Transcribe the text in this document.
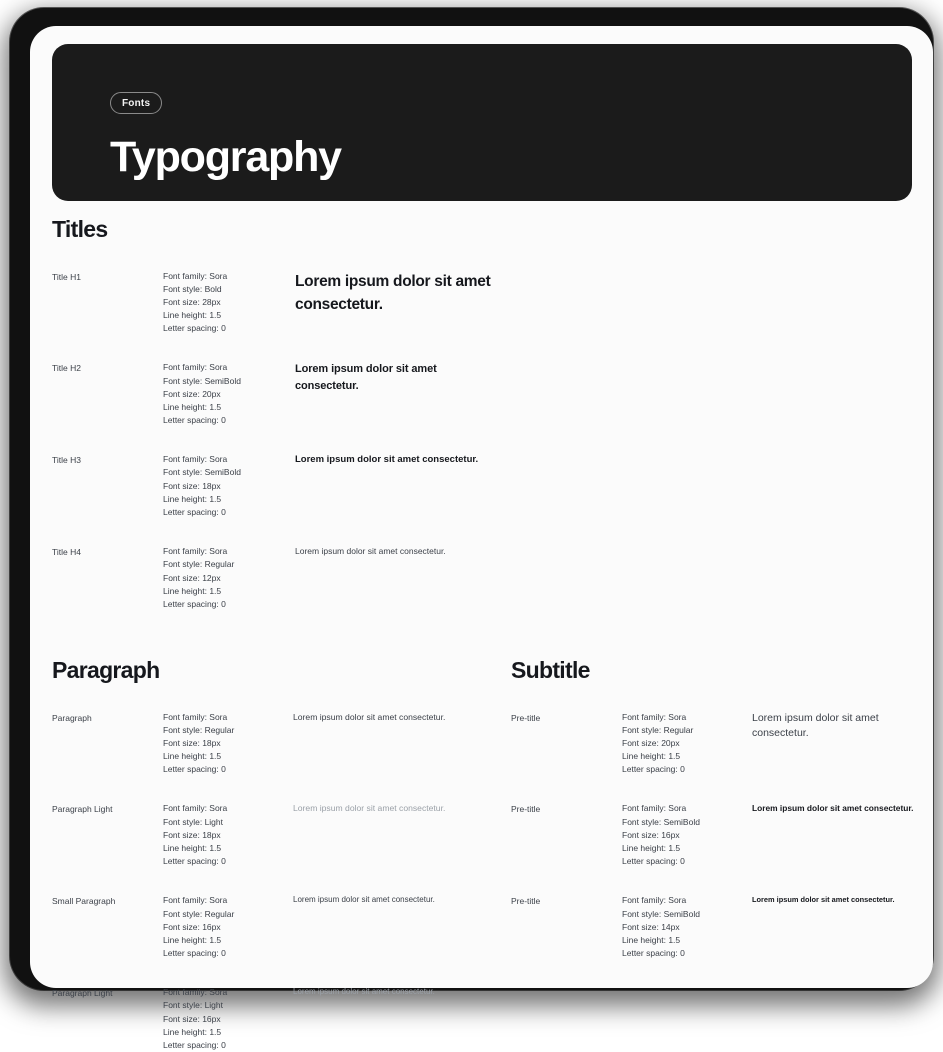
Fonts
Typography
Titles
Title H1	Font family: Sora
Font style: Bold
Font size: 28px
Line height: 1.5
Letter spacing: 0
Lorem ipsum dolor sit amet consectetur.
Title H2	Font family: Sora
Font style: SemiBold
Font size: 20px
Line height: 1.5
Letter spacing: 0
Lorem ipsum dolor sit amet consectetur.
Title H3	Font family: Sora
Font style: SemiBold
Font size: 18px
Line height: 1.5
Letter spacing: 0
Lorem ipsum dolor sit amet consectetur.
Title H4	Font family: Sora
Font style: Regular
Font size: 12px
Line height: 1.5
Letter spacing: 0
Lorem ipsum dolor sit amet consectetur.
Paragraph
Paragraph	Font family: Sora
Font style: Regular
Font size: 18px
Line height: 1.5
Letter spacing: 0
Lorem ipsum dolor sit amet consectetur.
Paragraph Light	Font family: Sora
Font style: Light
Font size: 18px
Line height: 1.5
Letter spacing: 0
Lorem ipsum dolor sit amet consectetur.
Small Paragraph	Font family: Sora
Font style: Regular
Font size: 16px
Line height: 1.5
Letter spacing: 0
Lorem ipsum dolor sit amet consectetur.
Paragraph Light	Font family: Sora
Font style: Light
Font size: 16px
Line height: 1.5
Letter spacing: 0
Lorem ipsum dolor sit amet consectetur.
Subtitle
Pre-title	Font family: Sora
Font style: Regular
Font size: 20px
Line height: 1.5
Letter spacing: 0
Lorem ipsum dolor sit amet consectetur.
Pre-title	Font family: Sora
Font style: SemiBold
Font size: 16px
Line height: 1.5
Letter spacing: 0
Lorem ipsum dolor sit amet consectetur.
Pre-title	Font family: Sora
Font style: SemiBold
Font size: 14px
Line height: 1.5
Letter spacing: 0
Lorem ipsum dolor sit amet consectetur.
